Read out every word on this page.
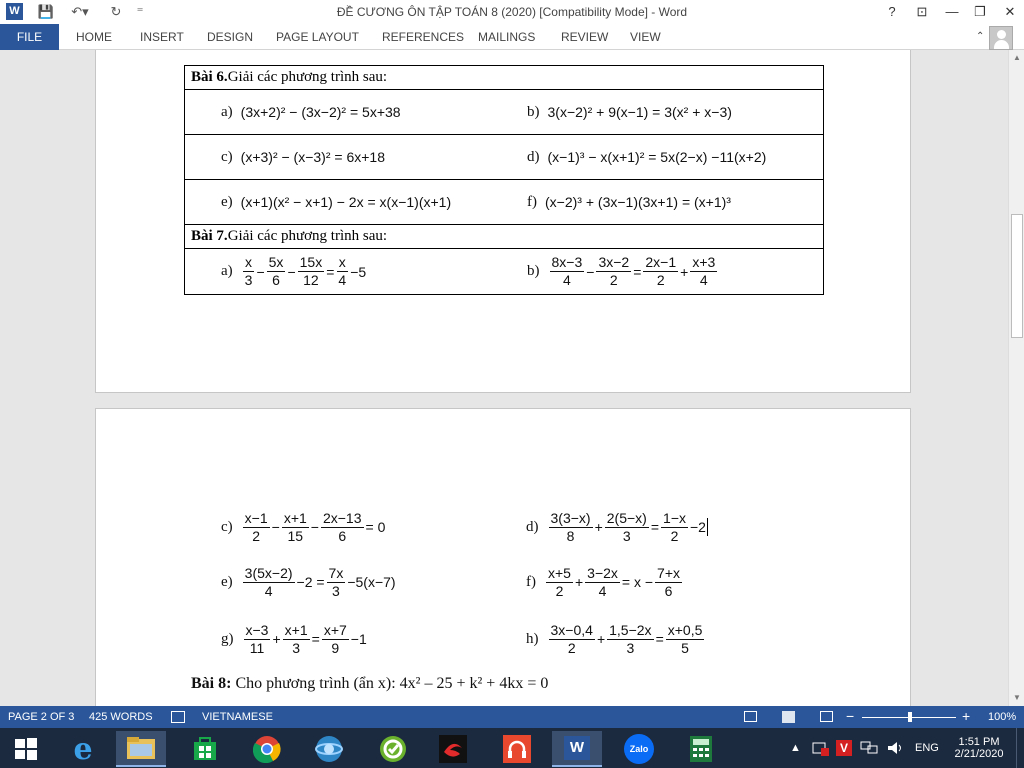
W 💾	↶▾	↻	⁼	ĐỀ CƯƠNG ÔN TẬP TOÁN 8 (2020) [Compatibility Mode] - Word	?	⊡	—	❐	✕
FILE	HOME INSERT DESIGN PAGE LAYOUT REFERENCES MAILINGS REVIEW VIEW	⌃
Bài 6.Giải các phương trình sau:

a) (3x+2)² − (3x−2)² = 5x+38	b) 3(x−2)² + 9(x−1) = 3(x² + x−3)

c) (x+3)² − (x−3)² = 6x+18	d) (x−1)³ − x(x+1)² = 5x(2−x) −11(x+2)

e) (x+1)(x² − x+1) − 2x = x(x−1)(x+1)	f) (x−2)³ + (3x−1)(3x+1) = (x+1)³

Bài 7.Giải các phương trình sau:

$a) \frac{x}{3} - \frac{5x}{6} - \frac{15x}{12} = \frac{x}{4} -5$	$b) \frac{8x-3}{4} - \frac{3x-2}{2} = \frac{2x-1}{2} + \frac{x+3}{4}$
$c) \frac{x-1}{2} - \frac{x+1}{15} - \frac{2x-13}{6} = 0$	$d) \frac{3(3-x)}{8} + \frac{2(5-x)}{3} = \frac{1-x}{2} -2$
$e) \frac{3(5x-2)}{4} -2 = \frac{7x}{3} -5(x-7)$	$f) \frac{x+5}{2} + \frac{3-2x}{4} = x - \frac{7+x}{6}$
$g) \frac{x-3}{11} + \frac{x+1}{3} = \frac{x+7}{9} -1$	$h) \frac{3x-0,4}{2} + \frac{1,5-2x}{3} = \frac{x+0,5}{5}$
Bài 8: Cho phương trình (ẩn x): 4x² – 25 + k² + 4kx = 0
▲
▼
PAGE 2 OF 3 425 WORDS	VIETNAMESE	−	+ 100%
e	W	Zalo	▲	V	ENG 1:51 PM
2/21/2020
